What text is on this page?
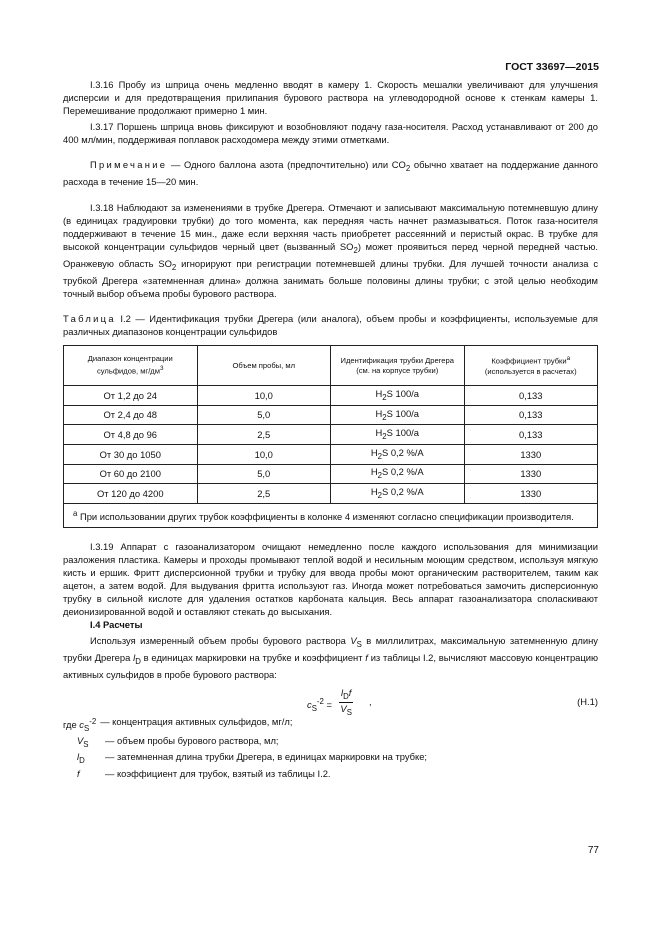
ГОСТ 33697—2015

I.3.16 Пробу из шприца очень медленно вводят в камеру 1. Скорость мешалки увеличивают для улучшения дисперсии и для предотвращения прилипания бурового раствора на углеводородной основе к стенкам камеры 1. Перемешивание продолжают примерно 1 мин.

I.3.17 Поршень шприца вновь фиксируют и возобновляют подачу газа-носителя. Расход устанавливают от 200 до 400 мл/мин, поддерживая поплавок расходомера между этими отметками.

Примечание — Одного баллона азота (предпочтительно) или $CO_2$ обычно хватает на поддержание данного расхода в течение 15—20 мин.

I.3.18 Наблюдают за изменениями в трубке Дрегера. Отмечают и записывают максимальную потемневшую длину (в единицах градуировки трубки) до того момента, как передняя часть начнет размазываться. Поток газа-носителя поддерживают в течение 15 мин., даже если верхняя часть приобретет рассеянний и перистый окрас. В трубке для высокой концентрации сульфидов черный цвет (вызванный $SO_2$) может проявиться перед черной передней частью. Оранжевую область $SO_2$ игнорируют при регистрации потемневшей длины трубки. Для лучшей точности анализа с трубкой Дрегера «затемненная длина» должна занимать больше половины длины трубки; с этой целью необходим точный выбор объема пробы бурового раствора.

Таблица I.2 — Идентификация трубки Дрегера (или аналога), объем пробы и коэффициенты, используемые для различных диапазонов концентрации сульфидов

Диапазон концентрации сульфидов, $мг/дм^3$	Объем пробы, мл	Идентификация трубки Дрегера (см. на корпусе трубки)	Коэффициент трубки$^a$
(используется в расчетах)
От 1,2 до 24	10,0	$H_2S$ 100/a	0,133
От 2,4 до 48	5,0	$H_2S$ 100/a	0,133
От 4,8 до 96	2,5	$H_2S$ 100/a	0,133
От 30 до 1050	10,0	$H_2S$ 0,2 %/A	1330
От 60 до 2100	5,0	$H_2S$ 0,2 %/A	1330
От 120 до 4200	2,5	$H_2S$ 0,2 %/A	1330
$^a$ При использовании других трубок коэффициенты в колонке 4 изменяют согласно спецификации производителя.			

I.3.19 Аппарат с газоанализатором очищают немедленно после каждого использования для минимизации разложения пластика. Камеры и проходы промывают теплой водой и несильным моющим средством, используя мягкую кисть и ершик. Фритт дисперсионной трубки и трубку для ввода пробы моют органическим растворителем, таким как ацетон, а затем водой. Для выдувания фритта используют газ. Иногда может потребоваться замочить дисперсионную трубку в сильной кислоте для удаления остатков карбоната кальция. Весь аппарат газоанализатора споласкивают деионизированной водой и оставляют стекать до высыхания.

I.4 Расчеты

Используя измеренный объем пробы бурового раствора $V_S$ в миллилитрах, максимальную затемненную длину трубки Дрегера $l_D$ в единицах маркировки на трубке и коэффициент f из таблицы I.2, вычисляют массовую концентрацию активных сульфидов в пробе бурового раствора:

$c_S^{-2}$ =
$l_Df$
$V_S$
,	(H.1)
где $c_S^{-2}$ — концентрация активных сульфидов, мг/л;
$V_S$	— объем пробы бурового раствора, мл;
$l_D$	— затемненная длина трубки Дрегера, в единицах маркировки на трубке;
f	— коэффициент для трубок, взятый из таблицы I.2.
77
